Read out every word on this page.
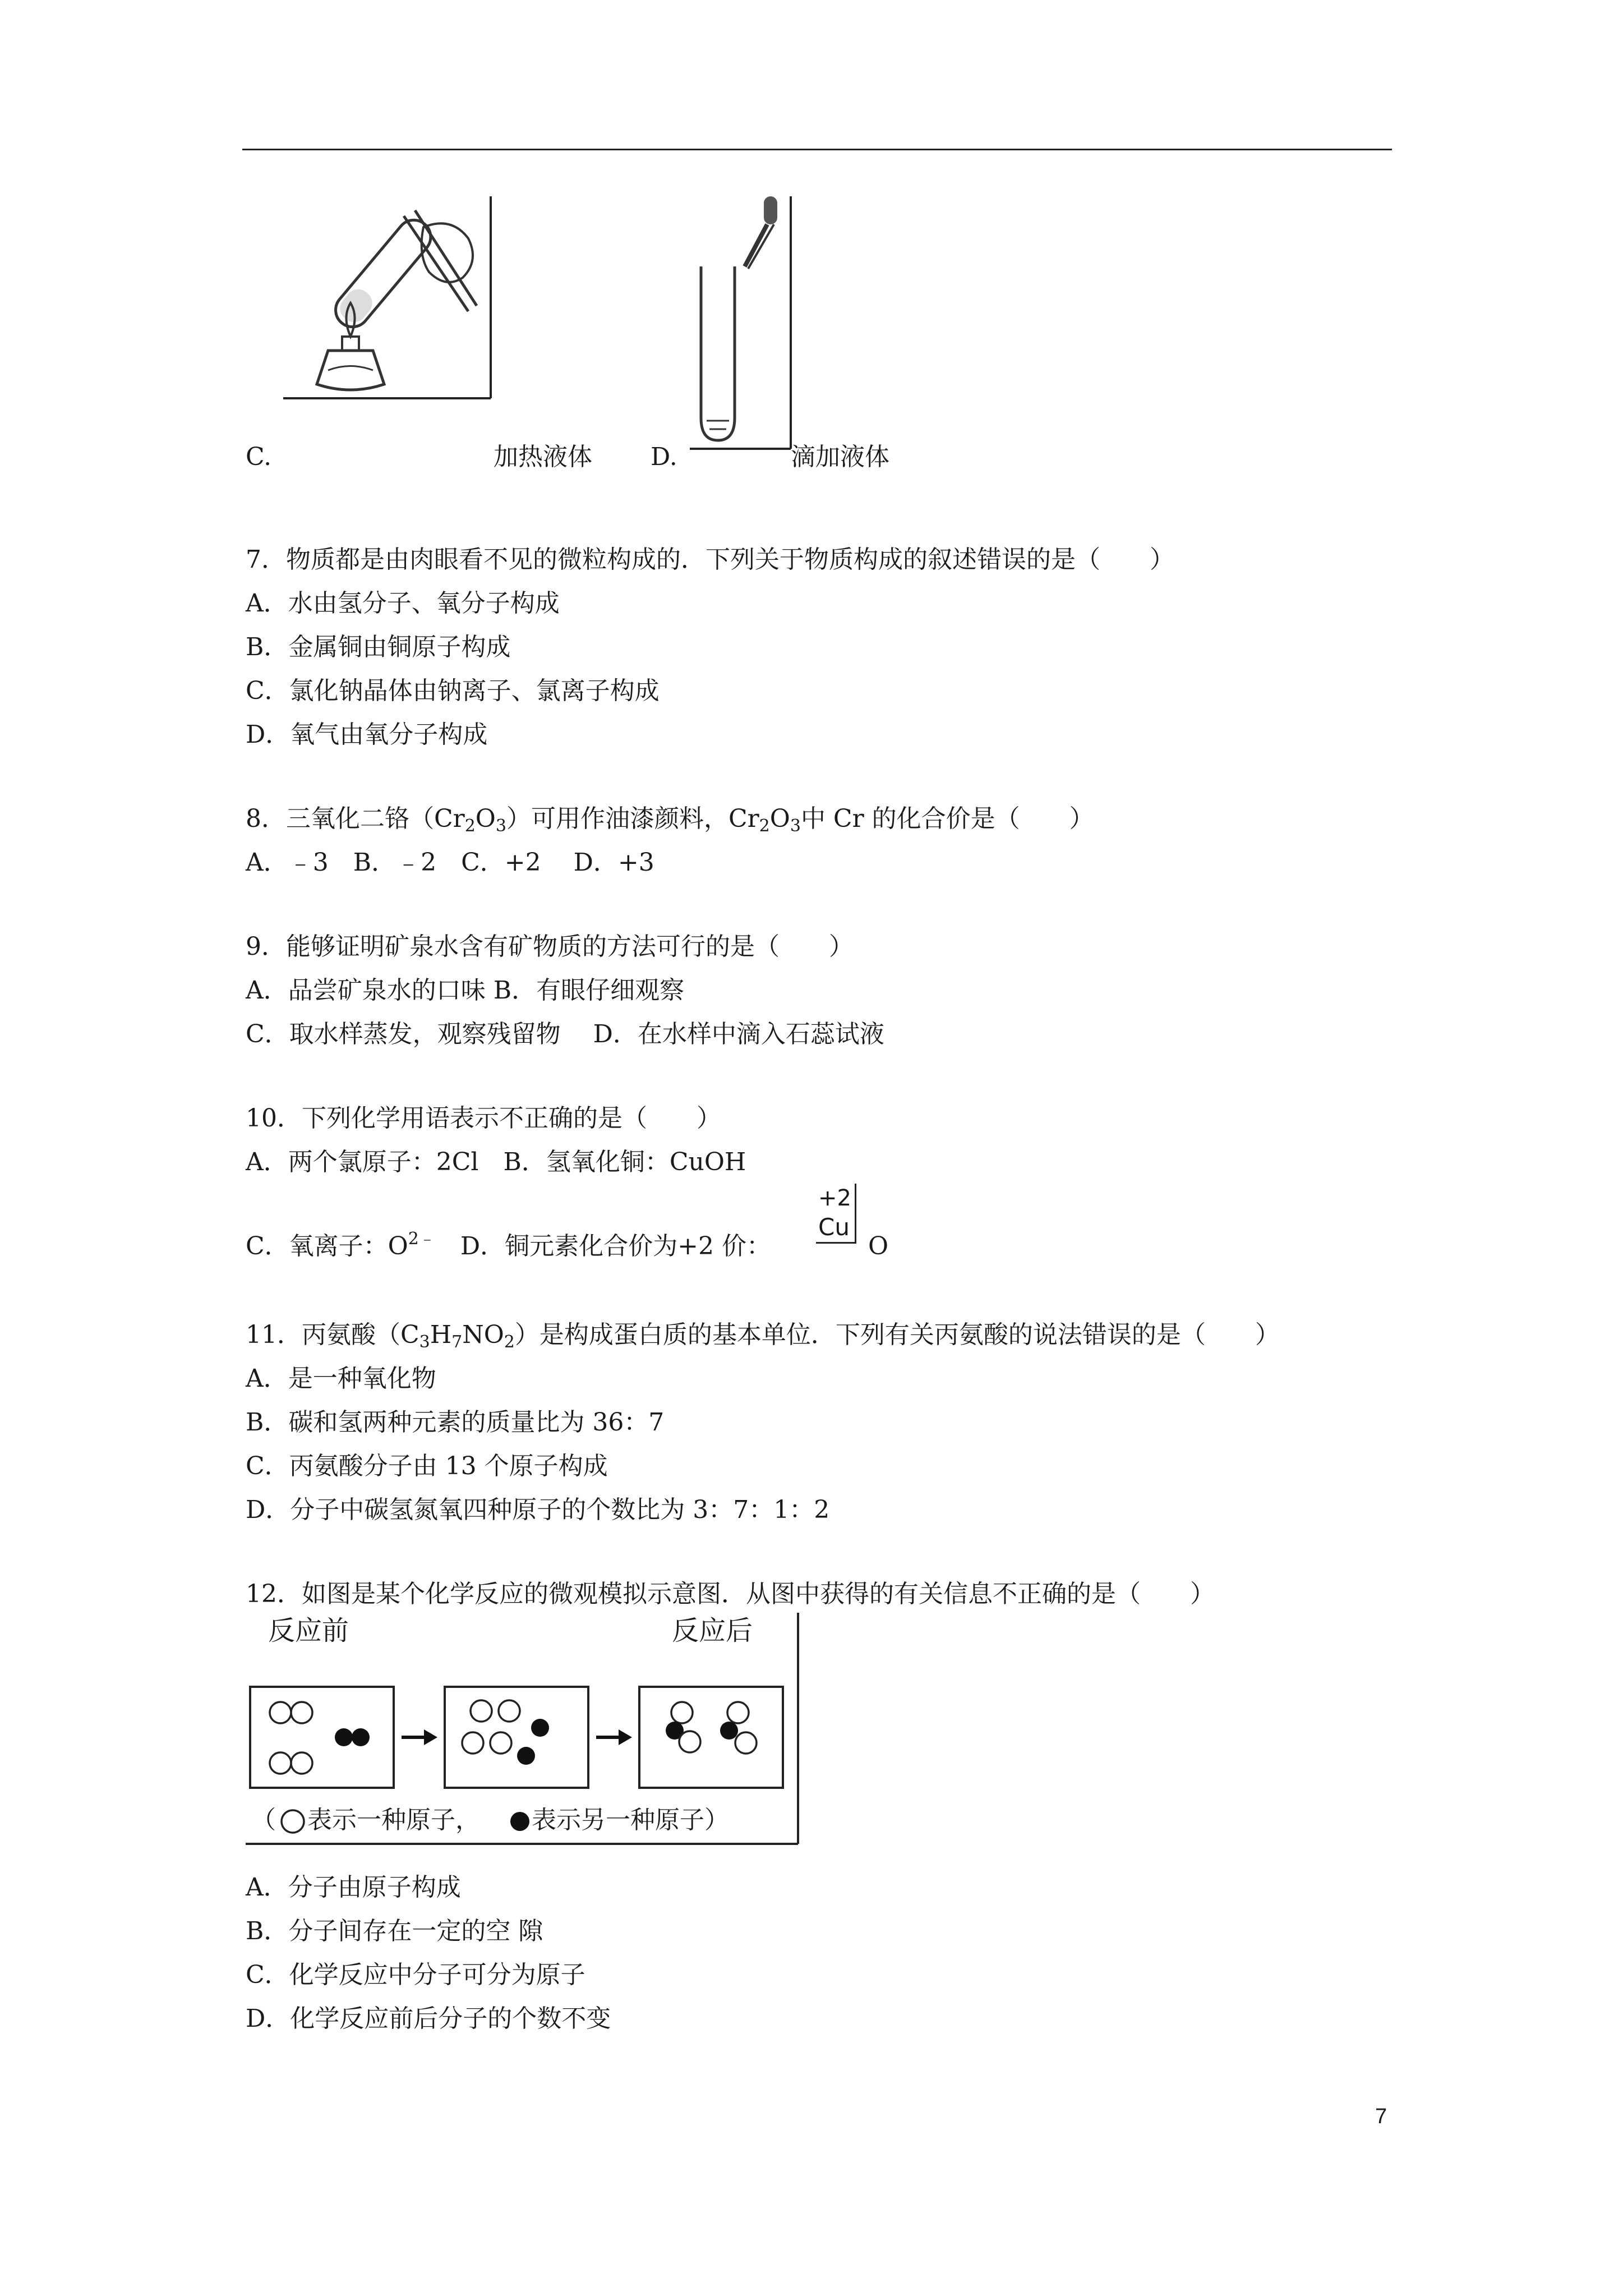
C.	加热液体 D.	滴加液体
7．物质都是由肉眼看不见的微粒构成的．下列关于物质构成的叙述错误的是（　　）
A．水由氢分子、氧分子构成
B．金属铜由铜原子构成
C．氯化钠晶体由钠离子、氯离子构成
D．氧气由氧分子构成
8．三氧化二铬$(Cr_2O_3)$可用作油漆颜料，$Cr_2O_3$中 Cr 的化合价是（　　）
A．﹣3　B．﹣2　C．+2　 D．+3
9．能够证明矿泉水含有矿物质的方法可行的是（　　）
A．品尝矿泉水的口味 B．有眼仔细观察
C．取水样蒸发，观察残留物　 D．在水样中滴入石蕊试液
10．下列化学用语表示不正确的是（　　）
A．两个氯原子：2Cl　B．氢氧化铜：CuOH
C．氧离子：$O^{2﹣}$　D．铜元素化合价为+2 价：
+2
Cu
O
11．丙氨酸$(C_3H_7NO_2)$是构成蛋白质的基本单位．下列有关丙氨酸的说法错误的是（　　）
A．是一种氧化物
B．碳和氢两种元素的质量比为 36：7
C．丙氨酸分子由 13 个原子构成
D．分子中碳氢氮氧四种原子的个数比为 3：7：1：2
12．如图是某个化学反应的微观模拟示意图．从图中获得的有关信息不正确的是（　　）
反应前	反应后
（ 表示一种原子， 表示另一种原子）
A．分子由原子构成
B．分子间存在一定的空 隙
C．化学反应中分子可分为原子
D．化学反应前后分子的个数不变
7
